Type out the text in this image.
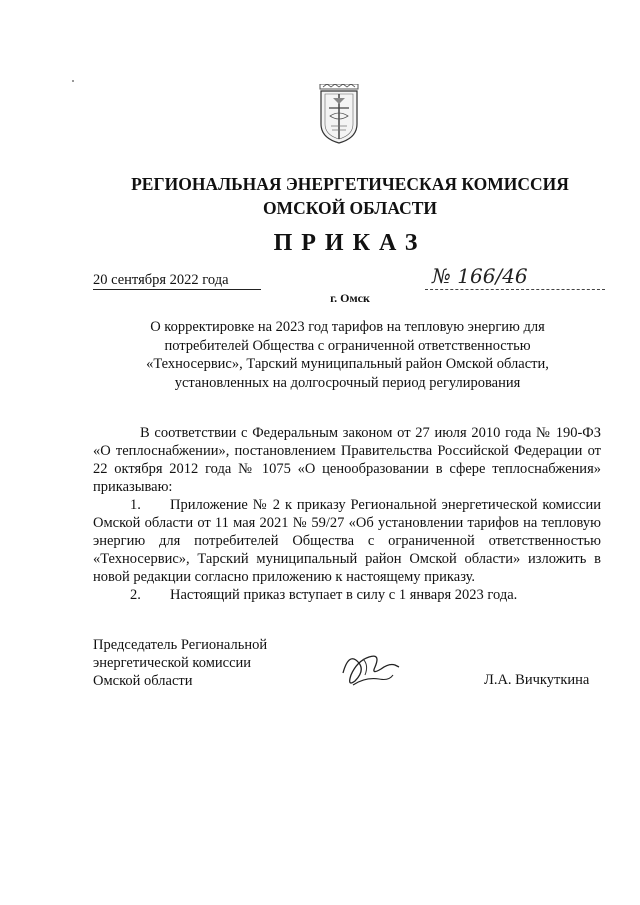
РЕГИОНАЛЬНАЯ ЭНЕРГЕТИЧЕСКАЯ КОМИССИЯ
ОМСКОЙ ОБЛАСТИ
ПРИКАЗ
20 сентября 2022 года	№ 166/46
г. Омск
О корректировке на 2023 год тарифов на тепловую энергию для
потребителей Общества с ограниченной ответственностью
«Техносервис», Тарский муниципальный район Омской области,
установленных на долгосрочный период регулирования

В соответствии с Федеральным законом от 27 июля 2010 года № 190-ФЗ «О теплоснабжении», постановлением Правительства Российской Федерации от 22 октября 2012 года № 1075 «О ценообразовании в сфере теплоснабжения» приказываю:

1. Приложение № 2 к приказу Региональной энергетической комиссии Омской области от 11 мая 2021 № 59/27 «Об установлении тарифов на тепловую энергию для потребителей Общества с ограниченной ответственностью «Техносервис», Тарский муниципальный район Омской области» изложить в новой редакции согласно приложению к настоящему приказу.

2. Настоящий приказ вступает в силу с 1 января 2023 года.

Председатель Региональной
энергетической комиссии
Омской области	Л.А. Вичкуткина
